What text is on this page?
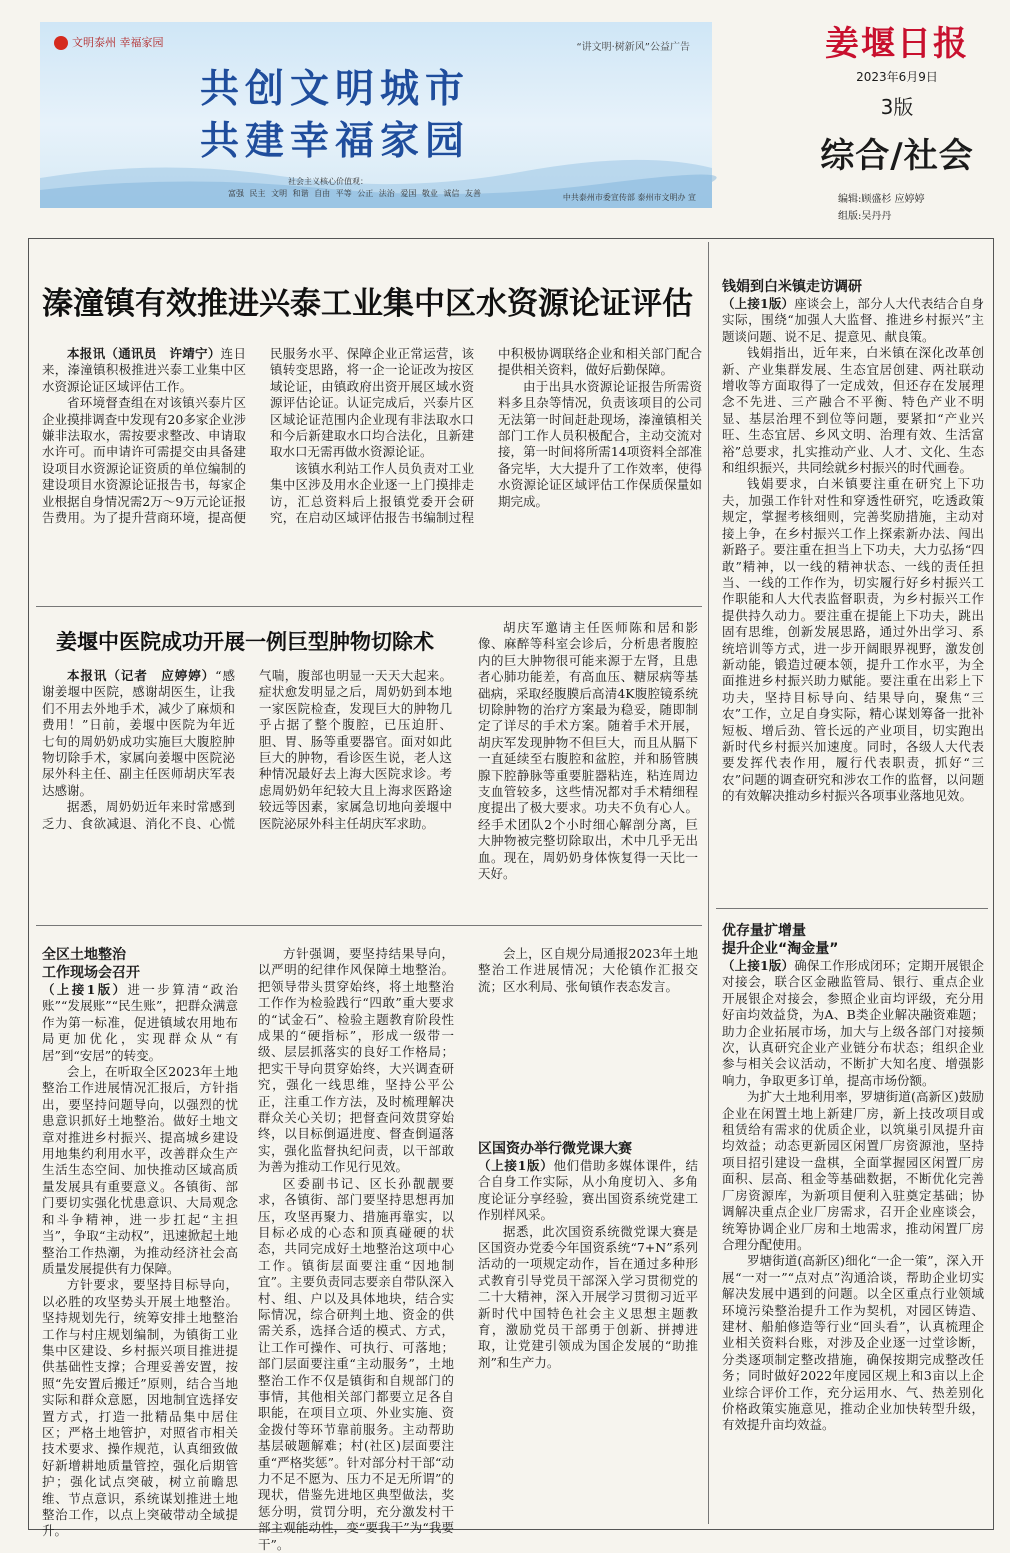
文明泰州 幸福家园	“讲文明·树新风”公益广告
共创文明城市
共建幸福家园
社会主义核心价值观：
富强 民主 文明 和谐 自由 平等 公正 法治 爱国 敬业 诚信 友善	中共泰州市委宣传部 泰州市文明办 宣
姜堰日报
2023年6月9日
3版
综合/社会
编辑:顾盛杉 应婷婷
组版:吴丹丹
溱潼镇有效推进兴泰工业集中区水资源论证评估

本报讯（通讯员　许靖宁）连日来，溱潼镇积极推进兴泰工业集中区水资源论证区域评估工作。

省环境督查组在对该镇兴泰片区企业摸排调查中发现有20多家企业涉嫌非法取水，需按要求整改、申请取水许可。而申请许可需提交由具备建设项目水资源论证资质的单位编制的建设项目水资源论证报告书，每家企业根据自身情况需2万～9万元论证报告费用。为了提升营商环境，提高便民服务水平、保障企业正常运营，该镇转变思路，将一企一论证改为按区域论证，由镇政府出资开展区域水资源评估论证。认证完成后，兴泰片区区域论证范围内企业现有非法取水口和今后新建取水口均合法化，且新建取水口无需再做水资源论证。

该镇水利站工作人员负责对工业集中区涉及用水企业逐一上门摸排走访，汇总资料后上报镇党委开会研究，在启动区域评估报告书编制过程中积极协调联络企业和相关部门配合提供相关资料，做好后勤保障。

由于出具水资源论证报告所需资料多且杂等情况，负责该项目的公司无法第一时间赶赴现场，溱潼镇相关部门工作人员积极配合，主动交流对接，第一时间将所需14项资料全部准备完毕，大大提升了工作效率，使得水资源论证区域评估工作保质保量如期完成。

姜堰中医院成功开展一例巨型肿物切除术

本报讯（记者　应婷婷）“感谢姜堰中医院，感谢胡医生，让我们不用去外地手术，减少了麻烦和费用！”日前，姜堰中医院为年近七旬的周奶奶成功实施巨大腹腔肿物切除手术，家属向姜堰中医院泌尿外科主任、副主任医师胡庆军表达感谢。

据悉，周奶奶近年来时常感到乏力、食欲减退、消化不良、心慌气喘，腹部也明显一天天大起来。症状愈发明显之后，周奶奶到本地一家医院检查，发现巨大的肿物几乎占据了整个腹腔，已压迫肝、胆、胃、肠等重要器官。面对如此巨大的肿物，看诊医生说，老人这种情况最好去上海大医院求诊。考虑周奶奶年纪较大且上海求医路途较远等因素，家属急切地向姜堰中医院泌尿外科主任胡庆军求助。

胡庆军邀请主任医师陈和居和影像、麻醉等科室会诊后，分析患者腹腔内的巨大肿物很可能来源于左肾，且患者心肺功能差，有高血压、糖尿病等基础病，采取经腹膜后高清4K腹腔镜系统切除肿物的治疗方案最为稳妥，随即制定了详尽的手术方案。随着手术开展，胡庆军发现肿物不但巨大，而且从膈下一直延续至右腹腔和盆腔，并和肠管胰腺下腔静脉等重要脏器粘连，粘连周边支血管较多，这些情况都对手术精细程度提出了极大要求。功夫不负有心人。经手术团队2个小时细心解剖分离，巨大肿物被完整切除取出，术中几乎无出血。现在，周奶奶身体恢复得一天比一天好。

全区土地整治
工作现场会召开

（上接1版）进一步算清“政治账”“发展账”“民生账”，把群众满意作为第一标准，促进镇域农用地布局更加优化，实现群众从“有居”到“安居”的转变。

会上，在听取全区2023年土地整治工作进展情况汇报后，方针指出，要坚持问题导向，以强烈的忧患意识抓好土地整治。做好土地文章对推进乡村振兴、提高城乡建设用地集约利用水平，改善群众生产生活生态空间、加快推动区域高质量发展具有重要意义。各镇街、部门要切实强化忧患意识、大局观念和斗争精神，进一步扛起“主担当”，争取“主动权”，迅速掀起土地整治工作热潮，为推动经济社会高质量发展提供有力保障。

方针要求，要坚持目标导向，以必胜的攻坚势头开展土地整治。坚持规划先行，统筹安排土地整治工作与村庄规划编制，为镇街工业集中区建设、乡村振兴项目推进提供基础性支撑；合理妥善安置，按照“先安置后搬迁”原则，结合当地实际和群众意愿，因地制宜选择安置方式，打造一批精品集中居住区；严格土地管护，对照省市相关技术要求、操作规范，认真细致做好新增耕地质量管控，强化后期管护；强化试点突破，树立前瞻思维、节点意识，系统谋划推进土地整治工作，以点上突破带动全域提升。

方针强调，要坚持结果导向，以严明的纪律作风保障土地整治。把领导带头贯穿始终，将土地整治工作作为检验践行“四敢”重大要求的“试金石”、检验主题教育阶段性成果的“硬指标”，形成一级带一级、层层抓落实的良好工作格局；把实干导向贯穿始终，大兴调查研究，强化一线思维，坚持公平公正，注重工作方法，及时梳理解决群众关心关切；把督查问效贯穿始终，以目标倒逼进度、督查倒逼落实，强化监督执纪问责，以干部敢为善为推动工作见行见效。

区委副书记、区长孙靓靓要求，各镇街、部门要坚持思想再加压，攻坚再聚力、措施再靠实，以目标必成的心态和顶真碰硬的状态，共同完成好土地整治这项中心工作。镇街层面要注重“因地制宜”。主要负责同志要亲自带队深入村、组、户以及具体地块，结合实际情况，综合研判土地、资金的供需关系，选择合适的模式、方式，让工作可操作、可执行、可落地；部门层面要注重“主动服务”，土地整治工作不仅是镇街和自规部门的事情，其他相关部门都要立足各自职能，在项目立项、外业实施、资金拨付等环节靠前服务。主动帮助基层破题解难；村(社区)层面要注重“严格奖惩”。针对部分村干部“动力不足不愿为、压力不足无所谓”的现状，借鉴先进地区典型做法，奖惩分明，赏罚分明，充分激发村干部主观能动性，变“要我干”为“我要干”。

会上，区自规分局通报2023年土地整治工作进展情况；大伦镇作汇报交流；区水利局、张甸镇作表态发言。

区国资办举行微党课大赛

（上接1版）他们借助多媒体课件，结合自身工作实际，从小角度切入、多角度论证分享经验，赛出国资系统党建工作别样风采。

据悉，此次国资系统微党课大赛是区国资办党委今年国资系统“7+N”系列活动的一项规定动作，旨在通过多种形式教育引导党员干部深入学习贯彻党的二十大精神，深入开展学习贯彻习近平新时代中国特色社会主义思想主题教育，激励党员干部勇于创新、拼搏进取，让党建引领成为国企发展的“助推剂”和生产力。

钱娟到白米镇走访调研

（上接1版）座谈会上，部分人大代表结合自身实际，围绕“加强人大监督、推进乡村振兴”主题谈问题、说不足、提意见、献良策。

钱娟指出，近年来，白米镇在深化改革创新、产业集群发展、生态宜居创建、两社联动增收等方面取得了一定成效，但还存在发展理念不先进、三产融合不平衡、特色产业不明显、基层治理不到位等问题，要紧扣“产业兴旺、生态宜居、乡风文明、治理有效、生活富裕”总要求，扎实推动产业、人才、文化、生态和组织振兴，共同绘就乡村振兴的时代画卷。

钱娟要求，白米镇要注重在研究上下功夫，加强工作针对性和穿透性研究，吃透政策规定，掌握考核细则，完善奖励措施，主动对接上争，在乡村振兴工作上探索新办法、闯出新路子。要注重在担当上下功夫，大力弘扬“四敢”精神，以一线的精神状态、一线的责任担当、一线的工作作为，切实履行好乡村振兴工作职能和人大代表监督职责，为乡村振兴工作提供持久动力。要注重在提能上下功夫，跳出固有思维，创新发展思路，通过外出学习、系统培训等方式，进一步开阔眼界视野，激发创新动能，锻造过硬本领，提升工作水平，为全面推进乡村振兴助力赋能。要注重在出彩上下功夫，坚持目标导向、结果导向，聚焦“三农”工作，立足自身实际，精心谋划筹备一批补短板、增后劲、管长远的产业项目，切实跑出新时代乡村振兴加速度。同时，各级人大代表要发挥代表作用，履行代表职责，抓好“三农”问题的调查研究和涉农工作的监督，以问题的有效解决推动乡村振兴各项事业落地见效。

优存量扩增量
提升企业“淘金量”

（上接1版）确保工作形成闭环；定期开展银企对接会，联合区金融监管局、银行、重点企业开展银企对接会，参照企业亩均评级，充分用好亩均效益贷，为A、B类企业解决融资难题；助力企业拓展市场，加大与上级各部门对接频次，认真研究企业产业链分布状态；组织企业参与相关会议活动，不断扩大知名度、增强影响力，争取更多订单，提高市场份额。

为扩大土地利用率，罗塘街道(高新区)鼓励企业在闲置土地上新建厂房，新上技改项目或租赁给有需求的优质企业，以筑巢引凤提升亩均效益；动态更新园区闲置厂房资源池，坚持项目招引建设一盘棋，全面掌握园区闲置厂房面积、层高、租金等基础数据，不断优化完善厂房资源库，为新项目便利入驻奠定基础；协调解决重点企业厂房需求，召开企业座谈会，统筹协调企业厂房和土地需求，推动闲置厂房合理分配使用。

罗塘街道(高新区)细化“一企一策”，深入开展“一对一”“点对点”沟通洽谈，帮助企业切实解决发展中遇到的问题。以全区重点行业领域环境污染整治提升工作为契机，对园区铸造、建材、船舶修造等行业“回头看”，认真梳理企业相关资料台账，对涉及企业逐一过堂诊断，分类逐项制定整改措施，确保按期完成整改任务；同时做好2022年度园区规上和3亩以上企业综合评价工作，充分运用水、气、热差别化价格政策实施意见，推动企业加快转型升级，有效提升亩均效益。
